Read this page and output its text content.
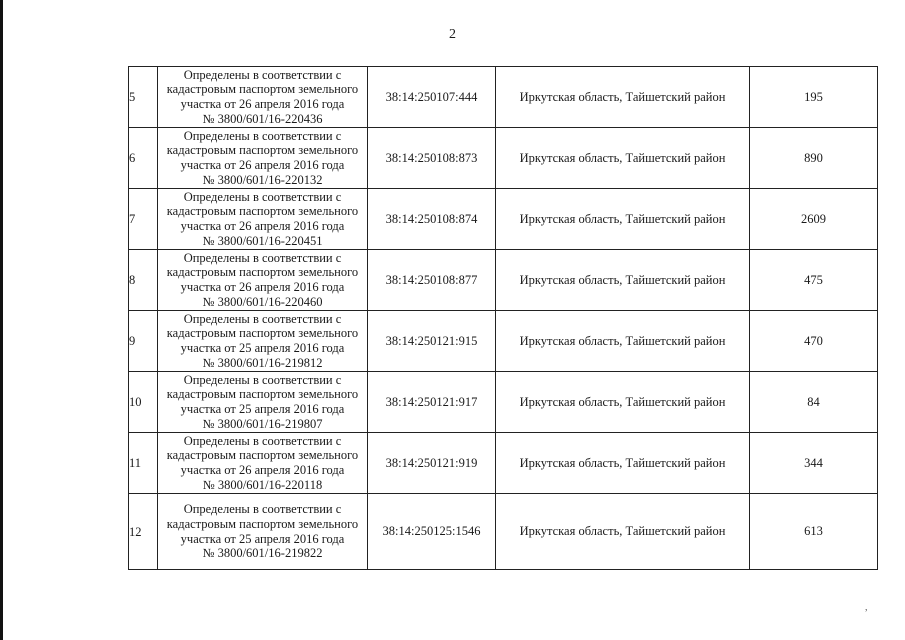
2
5	Определены в соответствии с
кадастровым паспортом земельного
участка от 26 апреля 2016 года
№ 3800/601/16-220436	38:14:250107:444	Иркутская область, Тайшетский район	195
6	Определены в соответствии с
кадастровым паспортом земельного
участка от 26 апреля 2016 года
№ 3800/601/16-220132	38:14:250108:873	Иркутская область, Тайшетский район	890
7	Определены в соответствии с
кадастровым паспортом земельного
участка от 26 апреля 2016 года
№ 3800/601/16-220451	38:14:250108:874	Иркутская область, Тайшетский район	2609
8	Определены в соответствии с
кадастровым паспортом земельного
участка от 26 апреля 2016 года
№ 3800/601/16-220460	38:14:250108:877	Иркутская область, Тайшетский район	475
9	Определены в соответствии с
кадастровым паспортом земельного
участка от 25 апреля 2016 года
№ 3800/601/16-219812	38:14:250121:915	Иркутская область, Тайшетский район	470
10	Определены в соответствии с
кадастровым паспортом земельного
участка от 25 апреля 2016 года
№ 3800/601/16-219807	38:14:250121:917	Иркутская область, Тайшетский район	84
11	Определены в соответствии с
кадастровым паспортом земельного
участка от 26 апреля 2016 года
№ 3800/601/16-220118	38:14:250121:919	Иркутская область, Тайшетский район	344
12	Определены в соответствии с
кадастровым паспортом земельного
участка от 25 апреля 2016 года
№ 3800/601/16-219822	38:14:250125:1546	Иркутская область, Тайшетский район	613
,
